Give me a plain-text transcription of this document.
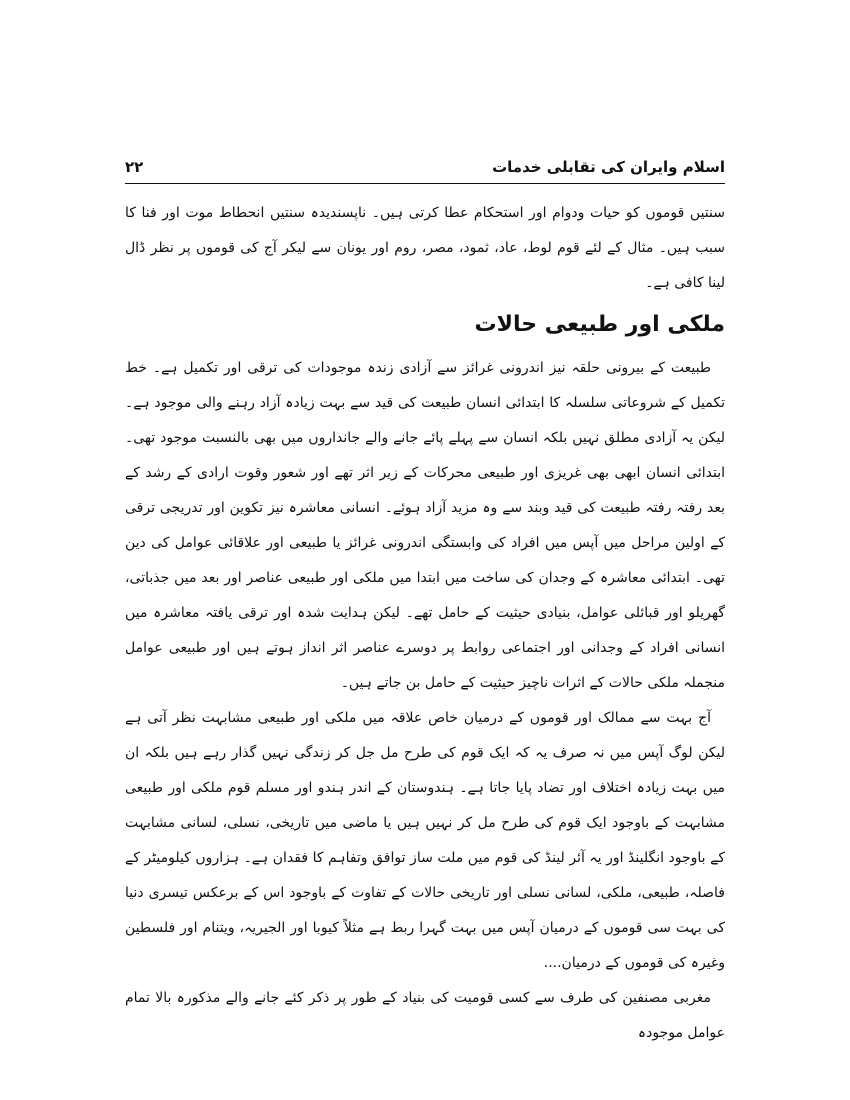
اسلام وایران کی تقابلی خدمات
۲۲

سنتیں قوموں کو حیات ودوام اور استحکام عطا کرتی ہیں۔ ناپسندیدہ سنتیں انحطاط موت اور فنا کا سبب ہیں۔ مثال کے لئے قوم لوط، عاد، ثمود، مصر، روم اور یونان سے لیکر آج کی قوموں پر نظر ڈال لینا کافی ہے۔

ملکی اور طبیعی حالات

طبیعت کے بیرونی حلقہ نیز اندرونی غرائز سے آزادی زندہ موجودات کی ترقی اور تکمیل ہے۔ خط تکمیل کے شروعاتی سلسلہ کا ابتدائی انسان طبیعت کی قید سے بہت زیادہ آزاد رہنے والی موجود ہے۔ لیکن یہ آزادی مطلق نہیں بلکہ انسان سے پہلے پائے جانے والے جانداروں میں بھی بالنسبت موجود تھی۔ ابتدائی انسان ابھی بھی غریزی اور طبیعی محرکات کے زیر اثر تھے اور شعور وقوت ارادی کے رشد کے بعد رفتہ رفتہ طبیعت کی قید وبند سے وہ مزید آزاد ہوئے۔ انسانی معاشرہ نیز تکوین اور تدریجی ترقی کے اولین مراحل میں آپس میں افراد کی وابستگی اندرونی غرائز یا طبیعی اور علاقائی عوامل کی دین تھی۔ ابتدائی معاشرہ کے وجدان کی ساخت میں ابتدا میں ملکی اور طبیعی عناصر اور بعد میں جذباتی، گھریلو اور قبائلی عوامل، بنیادی حیثیت کے حامل تھے۔ لیکن ہدایت شدہ اور ترقی یافتہ معاشرہ میں انسانی افراد کے وجدانی اور اجتماعی روابط پر دوسرے عناصر اثر انداز ہوتے ہیں اور طبیعی عوامل منجملہ ملکی حالات کے اثرات ناچیز حیثیت کے حامل بن جاتے ہیں۔

آج بہت سے ممالک اور قوموں کے درمیان خاص علاقہ میں ملکی اور طبیعی مشابہت نظر آتی ہے لیکن لوگ آپس میں نہ صرف یہ کہ ایک قوم کی طرح مل جل کر زندگی نہیں گذار رہے ہیں بلکہ ان میں بہت زیادہ اختلاف اور تضاد پایا جاتا ہے۔ ہندوستان کے اندر ہندو اور مسلم قوم ملکی اور طبیعی مشابہت کے باوجود ایک قوم کی طرح مل کر نہیں ہیں یا ماضی میں تاریخی، نسلی، لسانی مشابہت کے باوجود انگلینڈ اور یہ آئر لینڈ کی قوم میں ملت ساز توافق وتفاہم کا فقدان ہے۔ ہزاروں کیلومیٹر کے فاصلہ، طبیعی، ملکی، لسانی نسلی اور تاریخی حالات کے تفاوت کے باوجود اس کے برعکس تیسری دنیا کی بہت سی قوموں کے درمیان آپس میں بہت گہرا ربط ہے مثلاً کیوبا اور الجیریہ، ویتنام اور فلسطین وغیرہ کی قوموں کے درمیان....

مغربی مصنفین کی طرف سے کسی قومیت کی بنیاد کے طور پر ذکر کئے جانے والے مذکورہ بالا تمام عوامل موجودہ
